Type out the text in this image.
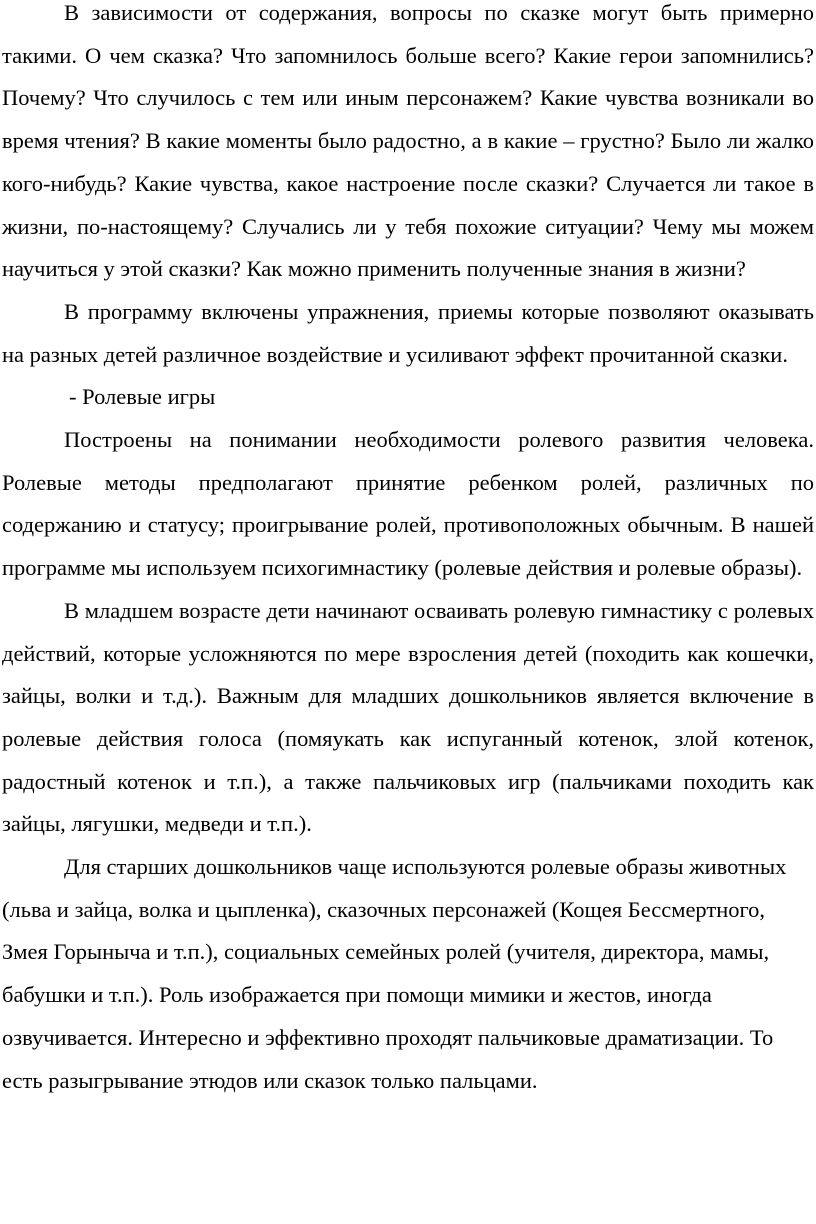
В зависимости от содержания, вопросы по сказке могут быть примерно такими. О чем сказка? Что запомнилось больше всего? Какие герои запомнились? Почему? Что случилось с тем или иным персонажем? Какие чувства возникали во время чтения? В какие моменты было радостно, а в какие – грустно? Было ли жалко кого-нибудь? Какие чувства, какое настроение после сказки? Случается ли такое в жизни, по-настоящему? Случались ли у тебя похожие ситуации? Чему мы можем научиться у этой сказки? Как можно применить полученные знания в жизни?

В программу включены упражнения, приемы которые позволяют оказывать на разных детей различное воздействие и усиливают эффект прочитанной сказки.

- Ролевые игры

Построены на понимании необходимости ролевого развития человека. Ролевые методы предполагают принятие ребенком ролей, различных по содержанию и статусу; проигрывание ролей, противоположных обычным. В нашей программе мы используем психогимнастику (ролевые действия и ролевые образы).

В младшем возрасте дети начинают осваивать ролевую гимнастику с ролевых действий, которые усложняются по мере взросления детей (походить как кошечки, зайцы, волки и т.д.). Важным для младших дошкольников является включение в ролевые действия голоса (помяукать как испуганный котенок, злой котенок, радостный котенок и т.п.), а также пальчиковых игр (пальчиками походить как зайцы, лягушки, медведи и т.п.).

Для старших дошкольников чаще используются ролевые образы животных (льва и зайца, волка и цыпленка), сказочных персонажей (Кощея Бессмертного, Змея Горыныча и т.п.), социальных семейных ролей (учителя, директора, мамы, бабушки и т.п.). Роль изображается при помощи мимики и жестов, иногда озвучивается. Интересно и эффективно проходят пальчиковые драматизации. То есть разыгрывание этюдов или сказок только пальцами.
